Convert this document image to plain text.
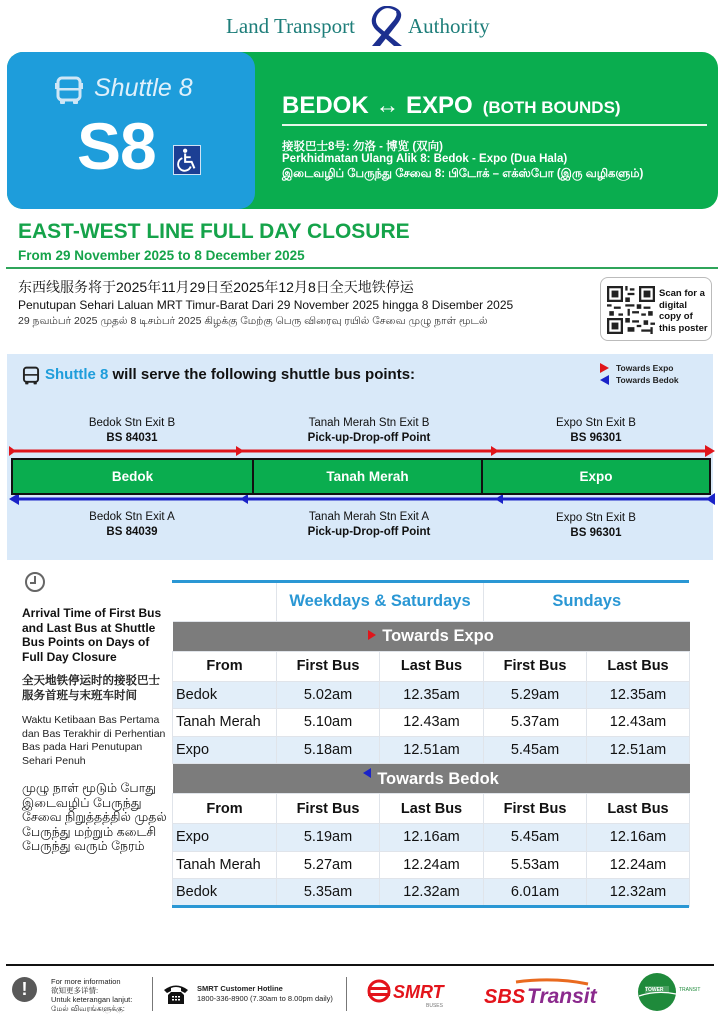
Land Transport	Authority
Shuttle 8
S8
BEDOK ↔ EXPO (BOTH BOUNDS)
接驳巴士8号: 勿洛 - 博览 (双向)
Perkhidmatan Ulang Alik 8: Bedok - Expo (Dua Hala)
இடைவழிப் பேருந்து சேவை 8: பிடோக் – எக்ஸ்போ (இரு வழிகளும்)
EAST-WEST LINE FULL DAY CLOSURE
From 29 November 2025 to 8 December 2025
东西线服务将于2025年11月29日至2025年12月8日全天地铁停运
Penutupan Sehari Laluan MRT Timur-Barat Dari 29 November 2025 hingga 8 Disember 2025
29 நவம்பர் 2025 முதல் 8 டிசம்பர் 2025 கிழக்கு மேற்கு பெரு விரைவு ரயில் சேவை முழு நாள் மூடல்
Scan for a digital copy of this poster
Shuttle 8 will serve the following shuttle bus points:	Towards Expo
Towards Bedok
Bedok Stn Exit B
BS 84031
Tanah Merah Stn Exit B
Pick-up-Drop-off Point
Expo Stn Exit B
BS 96301
Bedok	Tanah Merah	Expo
Bedok Stn Exit A
BS 84039
Tanah Merah Stn Exit A
Pick-up-Drop-off Point
Expo Stn Exit B
BS 96301
Arrival Time of First Bus and Last Bus at Shuttle Bus Points on Days of Full Day Closure
全天地铁停运时的接驳巴士服务首班与末班车时间
Waktu Ketibaan Bas Pertama dan Bas Terakhir di Perhentian Bas pada Hari Penutupan Sehari Penuh
முழு நாள் மூடும் போது இடைவழிப் பேருந்து சேவை நிறுத்தத்தில் முதல் பேருந்து மற்றும் கடைசி பேருந்து வரும் நேரம்
	Weekdays & Saturdays		Sundays	
Towards Expo				
From	First Bus	Last Bus	First Bus	Last Bus
Bedok	5.02am	12.35am	5.29am	12.35am
Tanah Merah	5.10am	12.43am	5.37am	12.43am
Expo	5.18am	12.51am	5.45am	12.51am
Towards Bedok				
From	First Bus	Last Bus	First Bus	Last Bus
Expo	5.19am	12.16am	5.45am	12.16am
Tanah Merah	5.27am	12.24am	5.53am	12.24am
Bedok	5.35am	12.32am	6.01am	12.32am
!	For more information
欲知更多详情:
Untuk keterangan lanjut:
மேல் விவரங்களுக்கு:
SMRT Customer Hotline
1800-336-8900 (7.30am to 8.00pm daily)	SMRT
BUSES SBS Transit	TOWER	TRANSIT
